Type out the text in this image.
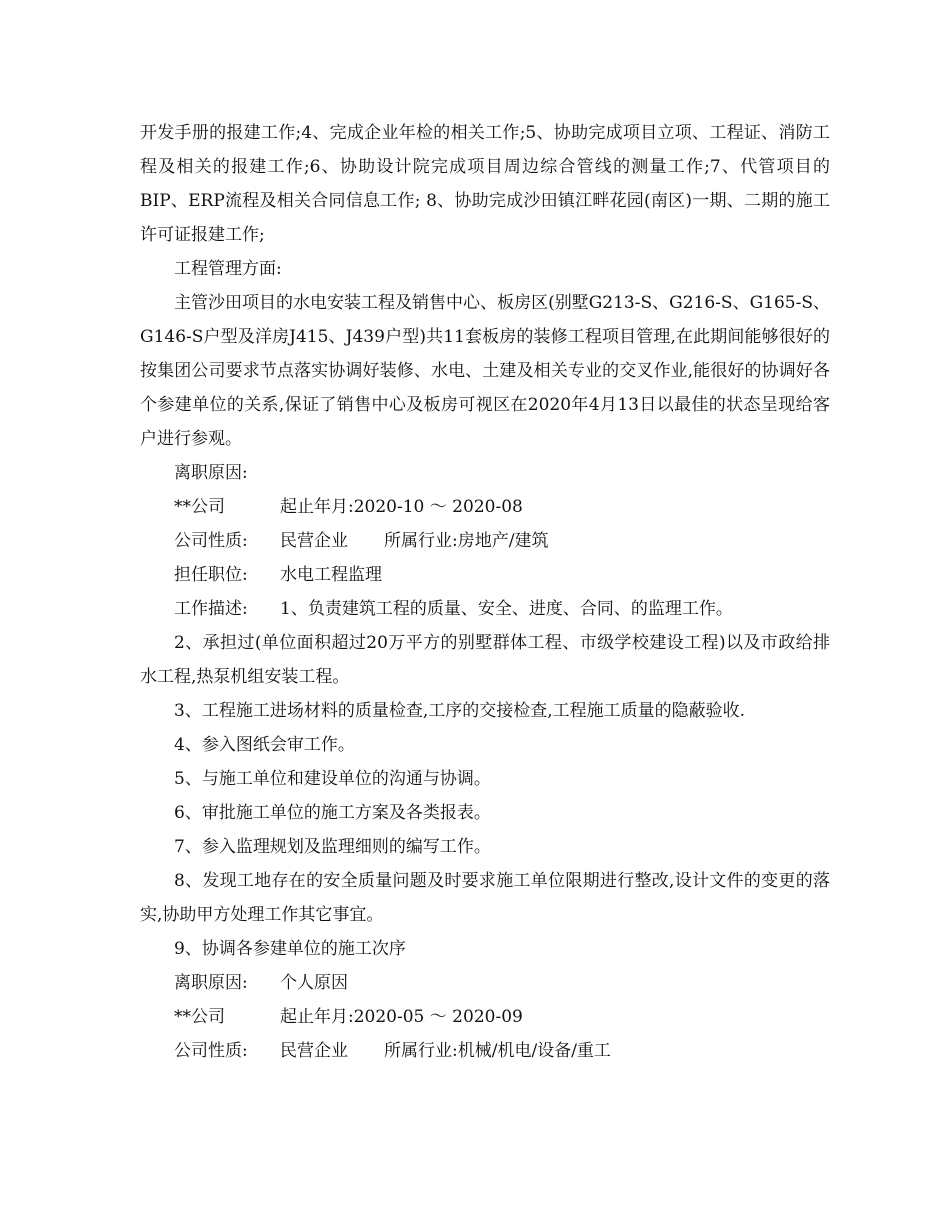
开发手册的报建工作;4、完成企业年检的相关工作;5、协助完成项目立项、工程证、消防工程及相关的报建工作;6、协助设计院完成项目周边综合管线的测量工作;7、代管项目的BIP、ERP流程及相关合同信息工作; 8、协助完成沙田镇江畔花园(南区)一期、二期的施工许可证报建工作;

工程管理方面:

主管沙田项目的水电安装工程及销售中心、板房区(别墅G213-S、G216-S、G165-S、G146-S户型及洋房J415、J439户型)共11套板房的装修工程项目管理,在此期间能够很好的按集团公司要求节点落实协调好装修、水电、土建及相关专业的交叉作业,能很好的协调好各个参建单位的关系,保证了销售中心及板房可视区在2020年4月13日以最佳的状态呈现给客户进行参观。

离职原因:

**公司	起止年月: 2020-10 ～ 2020-08
公司性质:	民营企业	所属行业: 房地产/建筑
担任职位:	水电工程监理
工作描述:	1、负责建筑工程的质量、安全、进度、合同、的监理工作。

2、承担过(单位面积超过20万平方的别墅群体工程、市级学校建设工程)以及市政给排水工程,热泵机组安装工程。

3、工程施工进场材料的质量检查,工序的交接检查,工程施工质量的隐蔽验收.

4、参入图纸会审工作。

5、与施工单位和建设单位的沟通与协调。

6、审批施工单位的施工方案及各类报表。

7、参入监理规划及监理细则的编写工作。

8、发现工地存在的安全质量问题及时要求施工单位限期进行整改,设计文件的变更的落实,协助甲方处理工作其它事宜。

9、协调各参建单位的施工次序

离职原因:	个人原因
**公司	起止年月: 2020-05 ～ 2020-09
公司性质:	民营企业	所属行业: 机械/机电/设备/重工
